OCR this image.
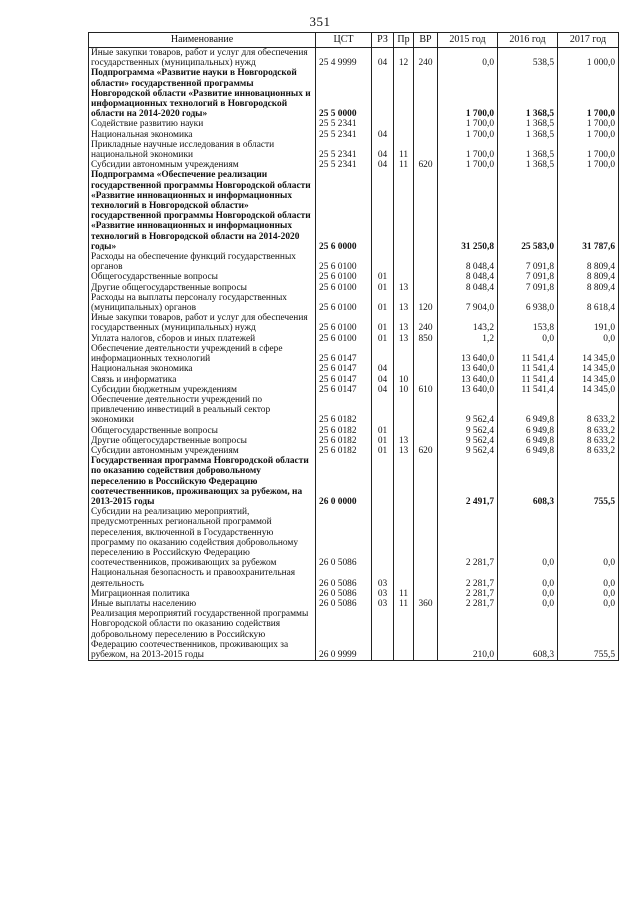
351
Наименование	ЦСТ	РЗ	Пр	ВР	2015 год	2016 год	2017 год
Иные закупки товаров, работ и услуг для обеспечения государственных (муниципальных) нужд	25 4 9999	04	12	240	0,0	538,5	1 000,0
Подпрограмма «Развитие науки в Новгородской области» государственной программы Новгородской области «Развитие инновационных и информационных технологий в Новгородской области на 2014-2020 годы»	25 5 0000				1 700,0	1 368,5	1 700,0
Содействие развитию науки	25 5 2341				1 700,0	1 368,5	1 700,0
Национальная экономика	25 5 2341	04			1 700,0	1 368,5	1 700,0
Прикладные научные исследования в области национальной экономики	25 5 2341	04	11		1 700,0	1 368,5	1 700,0
Субсидии автономным учреждениям	25 5 2341	04	11	620	1 700,0	1 368,5	1 700,0
Подпрограмма «Обеспечение реализации государственной программы Новгородской области «Развитие инновационных и информационных технологий в Новгородской области» государственной программы Новгородской области «Развитие инновационных и информационных технологий в Новгородской области на 2014-2020 годы»	25 6 0000				31 250,8	25 583,0	31 787,6
Расходы на обеспечение функций государственных органов	25 6 0100				8 048,4	7 091,8	8 809,4
Общегосударственные вопросы	25 6 0100	01			8 048,4	7 091,8	8 809,4
Другие общегосударственные вопросы	25 6 0100	01	13		8 048,4	7 091,8	8 809,4
Расходы на выплаты персоналу государственных (муниципальных) органов	25 6 0100	01	13	120	7 904,0	6 938,0	8 618,4
Иные закупки товаров, работ и услуг для обеспечения государственных (муниципальных) нужд	25 6 0100	01	13	240	143,2	153,8	191,0
Уплата налогов, сборов и иных платежей	25 6 0100	01	13	850	1,2	0,0	0,0
Обеспечение деятельности учреждений в сфере информационных технологий	25 6 0147				13 640,0	11 541,4	14 345,0
Национальная экономика	25 6 0147	04			13 640,0	11 541,4	14 345,0
Связь и информатика	25 6 0147	04	10		13 640,0	11 541,4	14 345,0
Субсидии бюджетным учреждениям	25 6 0147	04	10	610	13 640,0	11 541,4	14 345,0
Обеспечение деятельности учреждений по привлечению инвестиций в реальный сектор экономики	25 6 0182				9 562,4	6 949,8	8 633,2
Общегосударственные вопросы	25 6 0182	01			9 562,4	6 949,8	8 633,2
Другие общегосударственные вопросы	25 6 0182	01	13		9 562,4	6 949,8	8 633,2
Субсидии автономным учреждениям	25 6 0182	01	13	620	9 562,4	6 949,8	8 633,2
Государственная программа Новгородской области по оказанию содействия добровольному переселению в Российскую Федерацию соотечественников, проживающих за рубежом, на 2013-2015 годы	26 0 0000				2 491,7	608,3	755,5
Субсидии на реализацию мероприятий, предусмотренных региональной программой переселения, включенной в Государственную программу по оказанию содействия добровольному переселению в Российскую Федерацию соотечественников, проживающих за рубежом	26 0 5086				2 281,7	0,0	0,0
Национальная безопасность и правоохранительная деятельность	26 0 5086	03			2 281,7	0,0	0,0
Миграционная политика	26 0 5086	03	11		2 281,7	0,0	0,0
Иные выплаты населению	26 0 5086	03	11	360	2 281,7	0,0	0,0
Реализация мероприятий государственной программы Новгородской области по оказанию содействия добровольному переселению в Российскую Федерацию соотечественников, проживающих за рубежом, на 2013-2015 годы	26 0 9999				210,0	608,3	755,5
